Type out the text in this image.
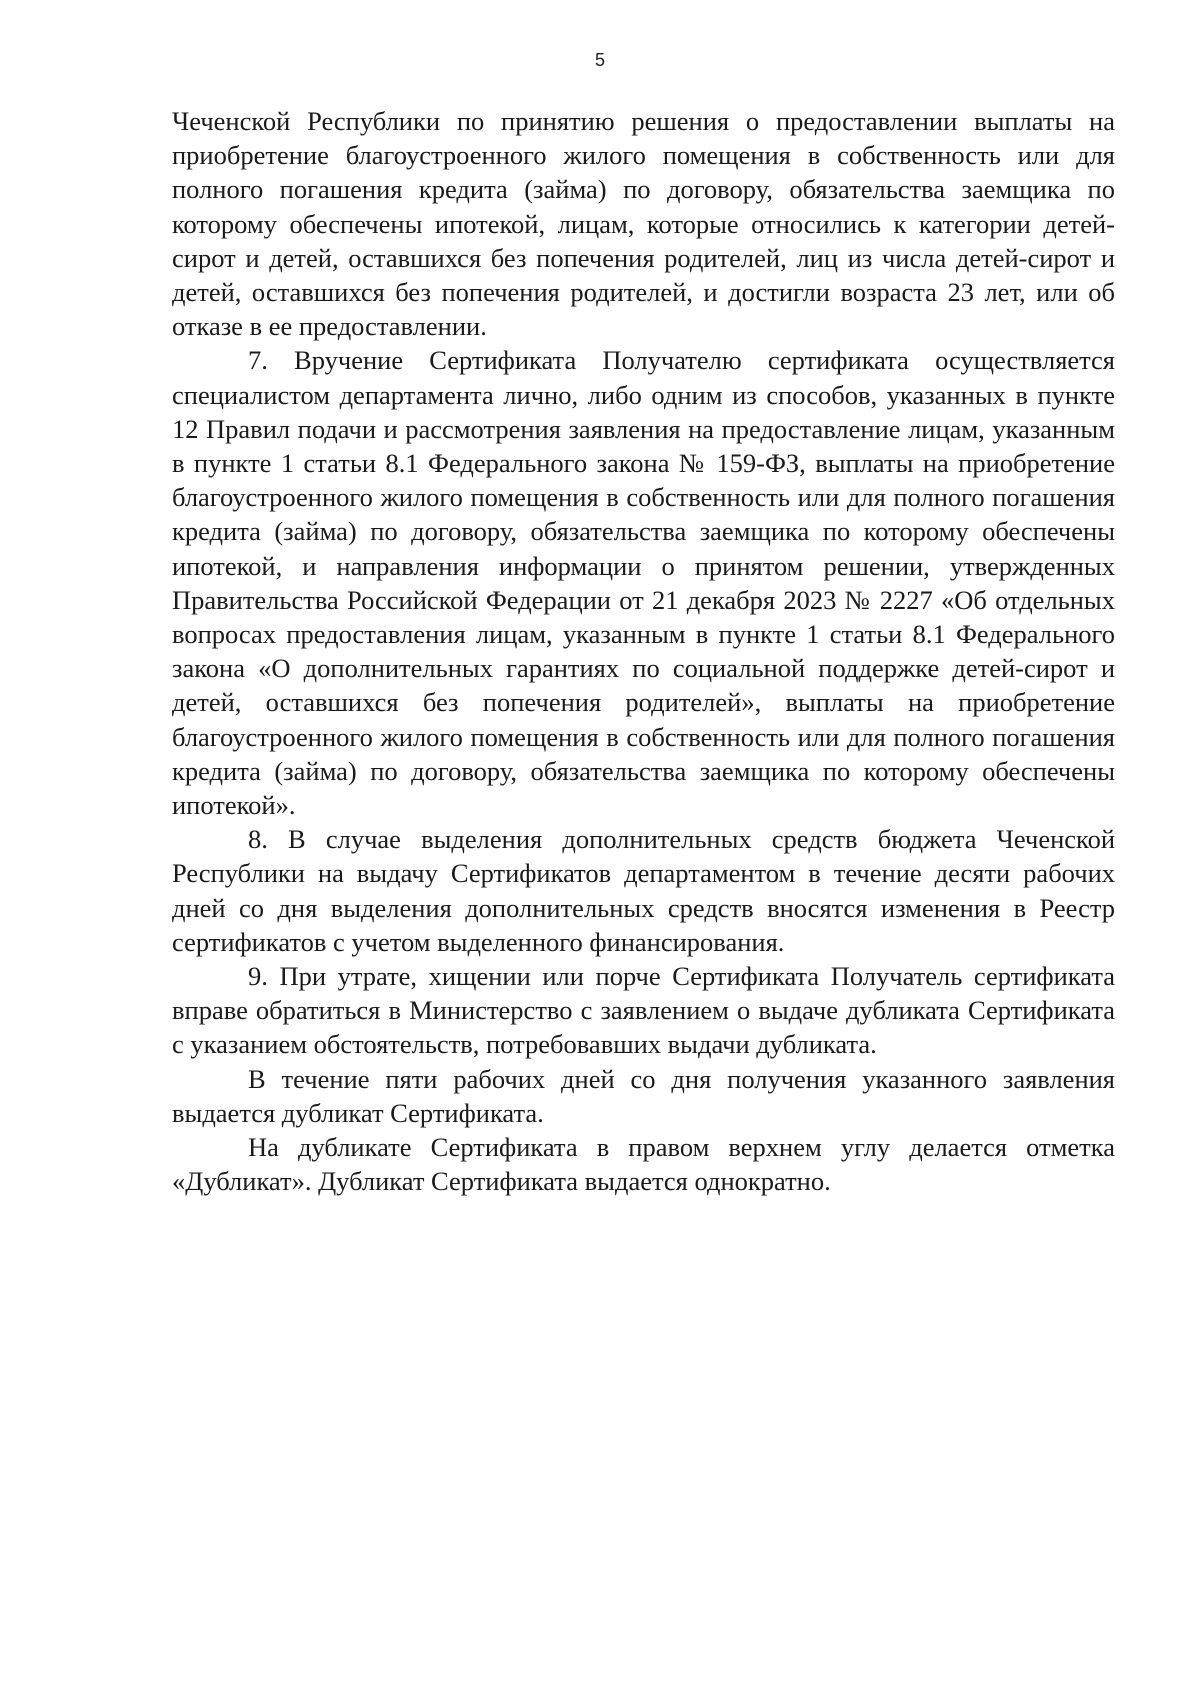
5

Чеченской Республики по принятию решения о предоставлении выплаты на приобретение благоустроенного жилого помещения в собственность или для полного погашения кредита (займа) по договору, обязательства заемщика по которому обеспечены ипотекой, лицам, которые относились к категории детей-сирот и детей, оставшихся без попечения родителей, лиц из числа детей-сирот и детей, оставшихся без попечения родителей, и достигли возраста 23 лет, или об отказе в ее предоставлении.

7. Вручение Сертификата Получателю сертификата осуществляется специалистом департамента лично, либо одним из способов, указанных в пункте 12 Правил подачи и рассмотрения заявления на предоставление лицам, указанным в пункте 1 статьи 8.1 Федерального закона № 159-ФЗ, выплаты на приобретение благоустроенного жилого помещения в собственность или для полного погашения кредита (займа) по договору, обязательства заемщика по которому обеспечены ипотекой, и направления информации о принятом решении, утвержденных Правительства Российской Федерации от 21 декабря 2023 № 2227 «Об отдельных вопросах предоставления лицам, указанным в пункте 1 статьи 8.1 Федерального закона «О дополнительных гарантиях по социальной поддержке детей-сирот и детей, оставшихся без попечения родителей», выплаты на приобретение благоустроенного жилого помещения в собственность или для полного погашения кредита (займа) по договору, обязательства заемщика по которому обеспечены ипотекой».

8. В случае выделения дополнительных средств бюджета Чеченской Республики на выдачу Сертификатов департаментом в течение десяти рабочих дней со дня выделения дополнительных средств вносятся изменения в Реестр сертификатов с учетом выделенного финансирования.

9. При утрате, хищении или порче Сертификата Получатель сертификата вправе обратиться в Министерство с заявлением о выдаче дубликата Сертификата с указанием обстоятельств, потребовавших выдачи дубликата.

В течение пяти рабочих дней со дня получения указанного заявления выдается дубликат Сертификата.

На дубликате Сертификата в правом верхнем углу делается отметка «Дубликат». Дубликат Сертификата выдается однократно.
